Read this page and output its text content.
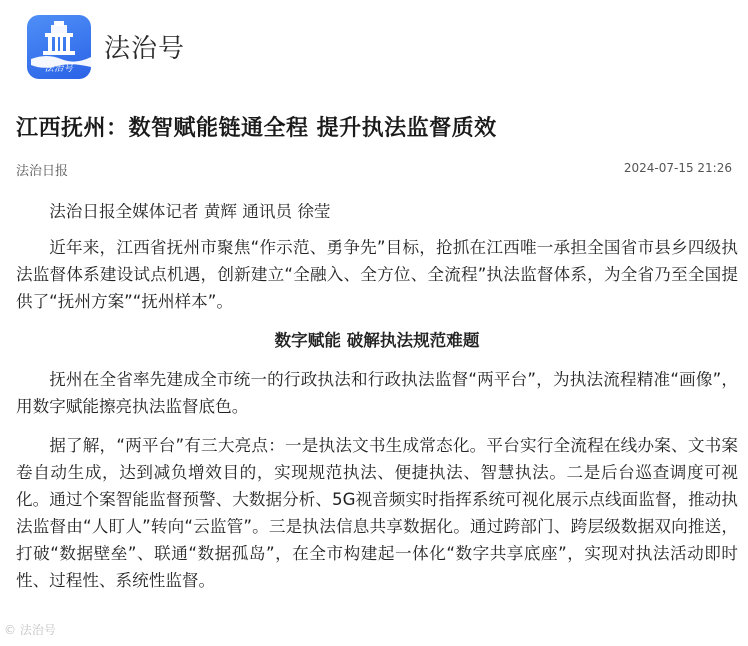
法治号
法治号
江西抚州：数智赋能链通全程 提升执法监督质效
法治日报	2024-07-15 21:26

法治日报全媒体记者 黄辉 通讯员 徐莹

近年来，江西省抚州市聚焦“作示范、勇争先”目标，抢抓在江西唯一承担全国省市县乡四级执法监督体系建设试点机遇，创新建立“全融入、全方位、全流程”执法监督体系，为全省乃至全国提供了“抚州方案”“抚州样本”。

数字赋能 破解执法规范难题

抚州在全省率先建成全市统一的行政执法和行政执法监督“两平台”，为执法流程精准“画像”，用数字赋能擦亮执法监督底色。

据了解，“两平台”有三大亮点：一是执法文书生成常态化。平台实行全流程在线办案、文书案卷自动生成，达到减负增效目的，实现规范执法、便捷执法、智慧执法。二是后台巡查调度可视化。通过个案智能监督预警、大数据分析、5G视音频实时指挥系统可视化展示点线面监督，推动执法监督由“人盯人”转向“云监管”。三是执法信息共享数据化。通过跨部门、跨层级数据双向推送，打破“数据壁垒”、联通“数据孤岛”，在全市构建起一体化“数字共享底座”，实现对执法活动即时性、过程性、系统性监督。

© 法治号
